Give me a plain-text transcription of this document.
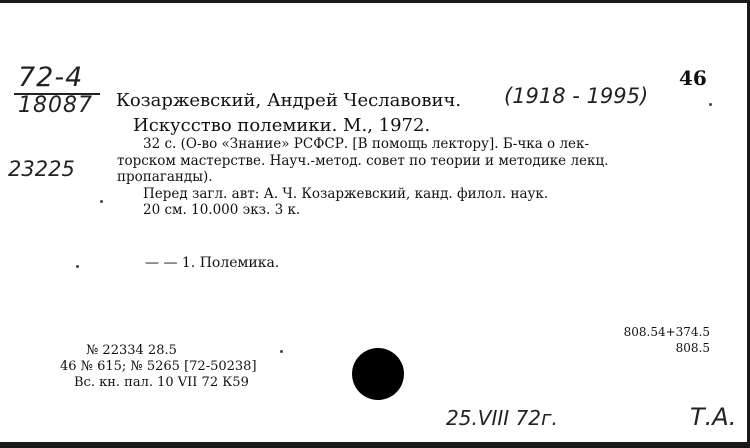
72-4
18087
23225
46
Козаржевский, Андрей Чеславович. (1918 - 1995)
Искусство полемики. М., 1972.
32 с. (О-во «Знание» РСФСР. [В помощь лектору]. Б-чка о лек-
торском мастерстве. Науч.-метод. совет по теории и методике лекц.
пропаганды).
Перед загл. авт: А. Ч. Козаржевский, канд. филол. наук.
20 см. 10.000 экз. 3 к.
— — 1. Полемика.
808.54+374.5
808.5
№ 22334 28.5
46 № 615; № 5265 [72-50238]
Вс. кн. пал. 10 VII 72 К59
25.VIII 72г.	Т.А.
